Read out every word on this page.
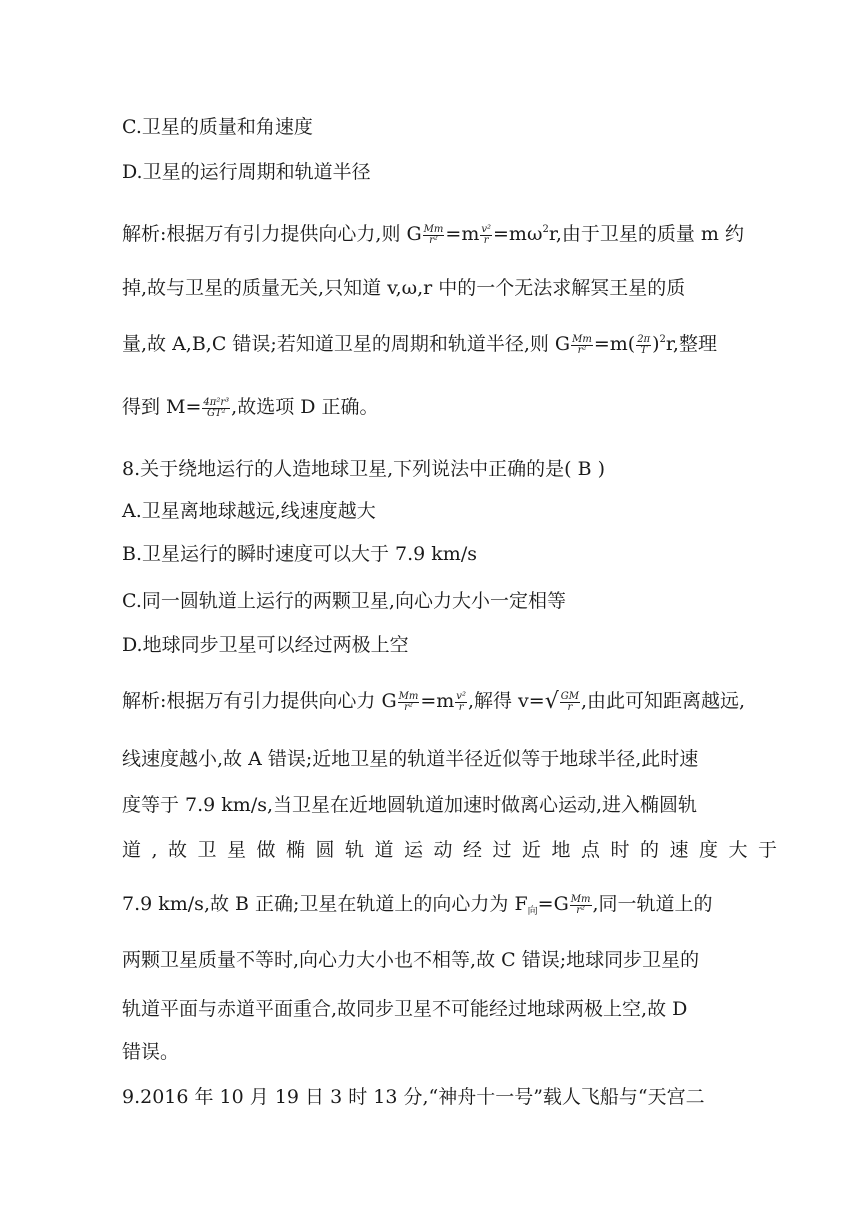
C.卫星的质量和角速度
D.卫星的运行周期和轨道半径
解析:根据万有引力提供向心力,则 G $\frac{Mm}{\text{r²}} =m \frac{\text{v²}}{r} =m\omega^2r$,由于卫星的质量 m 约
掉,故与卫星的质量无关,只知道 v,ω,r 中的一个无法求解冥王星的质
量,故 A,B,C 错误;若知道卫星的周期和轨道半径,则 G $\frac{Mm}{\text{r²}} =m( \frac{2\pi}{T} )^2r$,整理
得到 $M= \frac{\text{4π²r³}}{\text{GT²}}$ ,故选项 D 正确。
8.关于绕地运行的人造地球卫星,下列说法中正确的是( B )
A.卫星离地球越远,线速度越大
B.卫星运行的瞬时速度可以大于 7.9 km/s
C.同一圆轨道上运行的两颗卫星,向心力大小一定相等
D.地球同步卫星可以经过两极上空
解析:根据万有引力提供向心力 G $\frac{Mm}{\text{r²}} =m \frac{\text{v²}}{r}$ ,解得 $v=√ \frac{GM}{r}$ ,由此可知距离越远,
线速度越小,故 A 错误;近地卫星的轨道半径近似等于地球半径,此时速
度等于 7.9 km/s,当卫星在近地圆轨道加速时做离心运动,进入椭圆轨
道,故卫星做椭圆轨道运动经过近地点时的速度大于
7.9 km/s,故 B 正确;卫星在轨道上的向心力为 $F_向=G \frac{Mm}{\text{r²}}$ ,同一轨道上的
两颗卫星质量不等时,向心力大小也不相等,故 C 错误;地球同步卫星的
轨道平面与赤道平面重合,故同步卫星不可能经过地球两极上空,故 D
错误。
9.2016 年 10 月 19 日 3 时 13 分,“神舟十一号”载人飞船与“天宫二
